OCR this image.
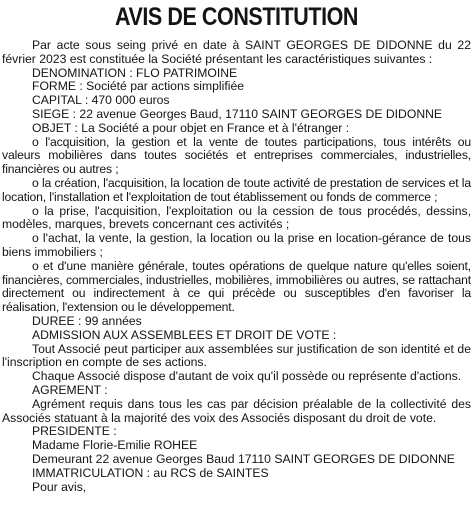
AVIS DE CONSTITUTION

Par acte sous seing privé en date à SAINT GEORGES DE DIDONNE du 22 février 2023 est constituée la Société présentant les caractéristiques suivantes :

DENOMINATION : FLO PATRIMOINE

FORME : Société par actions simplifiée

CAPITAL : 470 000 euros

SIEGE : 22 avenue Georges Baud, 17110 SAINT GEORGES DE DIDONNE

OBJET : La Société a pour objet en France et à l'étranger :

o l'acquisition, la gestion et la vente de toutes participations, tous intérêts ou valeurs mobilières dans toutes sociétés et entreprises commerciales, industrielles, financières ou autres ;

o la création, l'acquisition, la location de toute activité de prestation de services et la location, l'installation et l'exploitation de tout établissement ou fonds de commerce ;

o la prise, l'acquisition, l'exploitation ou la cession de tous procédés, dessins, modèles, marques, brevets concernant ces activités ;

o l'achat, la vente, la gestion, la location ou la prise en location-gérance de tous biens immobiliers ;

o et d'une manière générale, toutes opérations de quelque nature qu'elles soient, financières, commerciales, industrielles, mobilières, immobilières ou autres, se rattachant directement ou indirectement à ce qui précède ou susceptibles d'en favoriser la réalisation, l'extension ou le développement.

DUREE : 99 années

ADMISSION AUX ASSEMBLEES ET DROIT DE VOTE :

Tout Associé peut participer aux assemblées sur justification de son identité et de l'inscription en compte de ses actions.

Chaque Associé dispose d'autant de voix qu'il possède ou représente d'actions.

AGREMENT :

Agrément requis dans tous les cas par décision préalable de la collectivité des Associés statuant à la majorité des voix des Associés disposant du droit de vote.

PRESIDENTE :

Madame Florie-Emilie ROHEE

Demeurant 22 avenue Georges Baud 17110 SAINT GEORGES DE DIDONNE

IMMATRICULATION : au RCS de SAINTES

Pour avis,
